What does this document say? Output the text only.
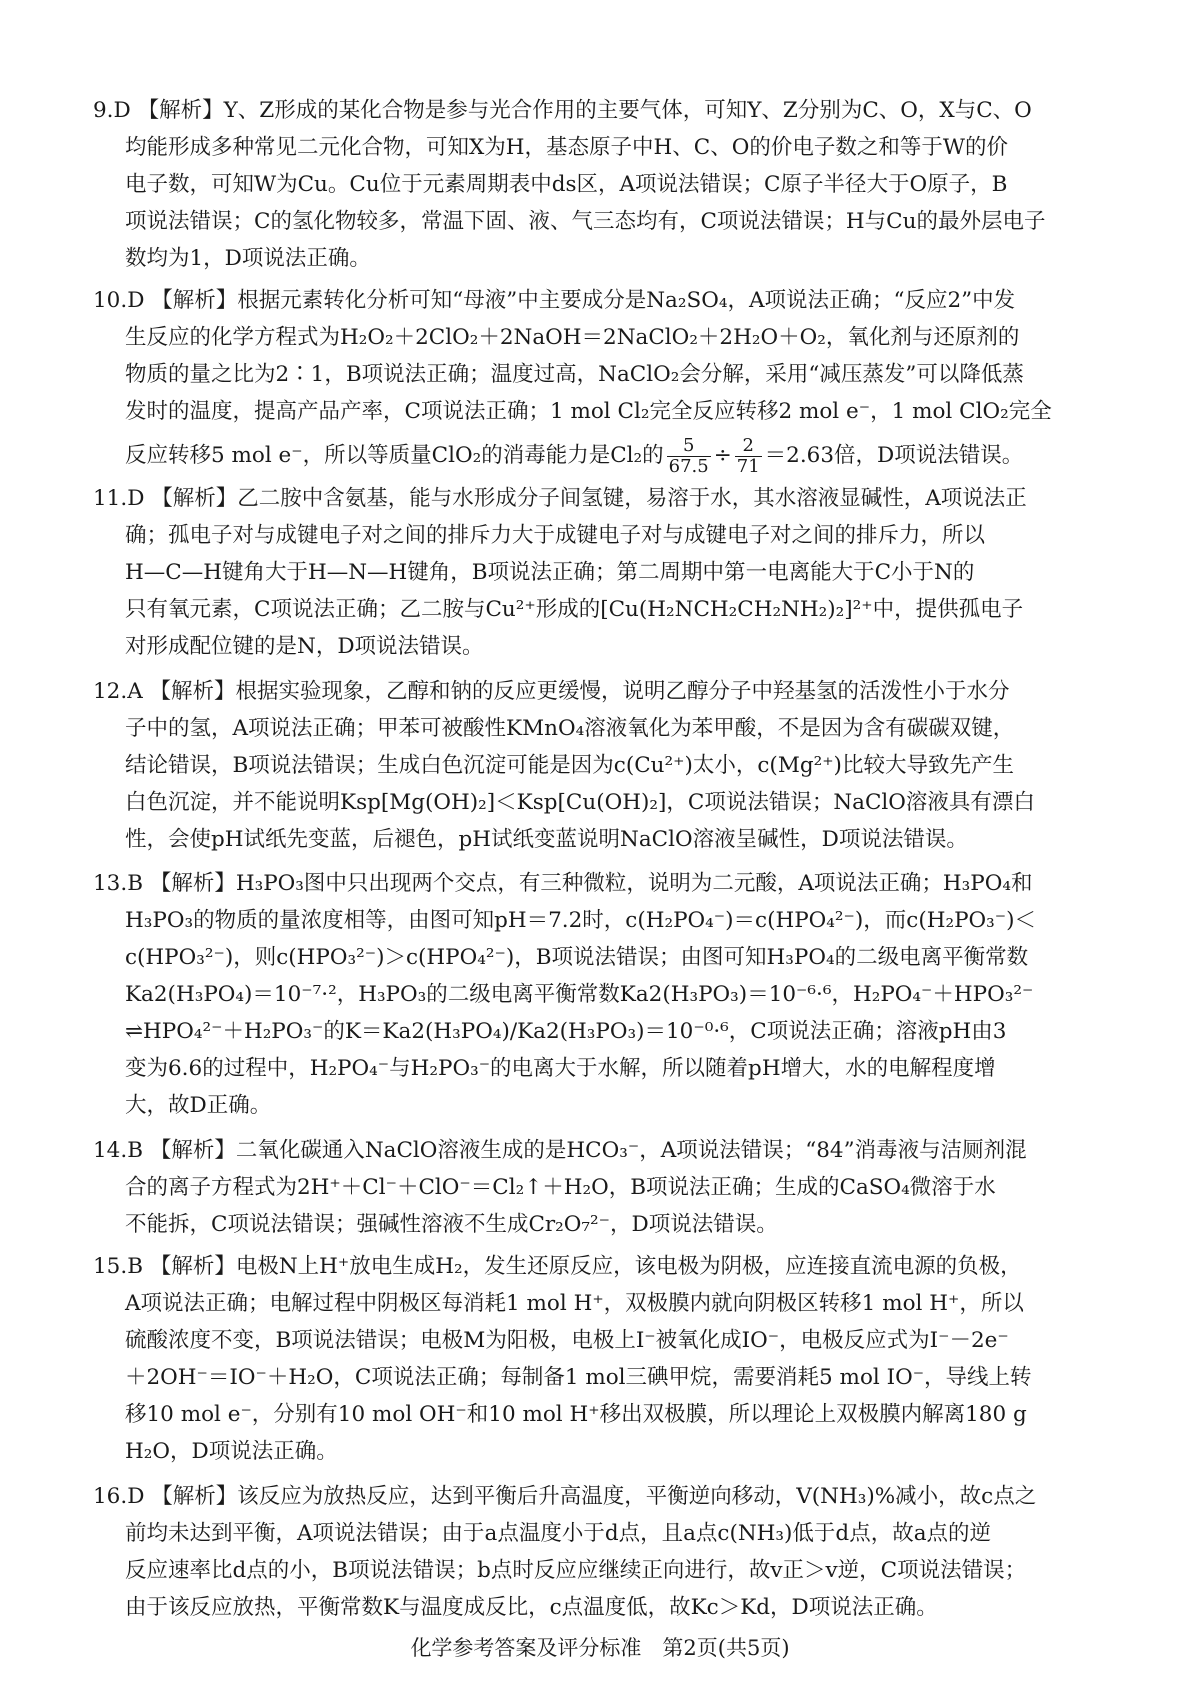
9.D 【解析】Y、Z形成的某化合物是参与光合作用的主要气体，可知Y、Z分别为C、O，X与C、O
均能形成多种常见二元化合物，可知X为H，基态原子中H、C、O的价电子数之和等于W的价
电子数，可知W为Cu。Cu位于元素周期表中ds区，A项说法错误；C原子半径大于O原子，B
项说法错误；C的氢化物较多，常温下固、液、气三态均有，C项说法错误；H与Cu的最外层电子
数均为1，D项说法正确。
10.D 【解析】根据元素转化分析可知“母液”中主要成分是Na₂SO₄，A项说法正确；“反应2”中发
生反应的化学方程式为H₂O₂＋2ClO₂＋2NaOH＝2NaClO₂＋2H₂O＋O₂，氧化剂与还原剂的
物质的量之比为2∶1，B项说法正确；温度过高，NaClO₂会分解，采用“减压蒸发”可以降低蒸
发时的温度，提高产品产率，C项说法正确；1 mol Cl₂完全反应转移2 mol e⁻，1 mol ClO₂完全
反应转移5 mol e⁻，所以等质量ClO₂的消毒能力是Cl₂的 $\frac{5}{67.5} \div \frac{2}{71} =2.63$倍，D项说法错误。
11.D 【解析】乙二胺中含氨基，能与水形成分子间氢键，易溶于水，其水溶液显碱性，A项说法正
确；孤电子对与成键电子对之间的排斥力大于成键电子对与成键电子对之间的排斥力，所以
H—C—H键角大于H—N—H键角，B项说法正确；第二周期中第一电离能大于C小于N的
只有氧元素，C项说法正确；乙二胺与Cu²⁺形成的[Cu(H₂NCH₂CH₂NH₂)₂]²⁺中，提供孤电子
对形成配位键的是N，D项说法错误。
12.A 【解析】根据实验现象，乙醇和钠的反应更缓慢，说明乙醇分子中羟基氢的活泼性小于水分
子中的氢，A项说法正确；甲苯可被酸性KMnO₄溶液氧化为苯甲酸，不是因为含有碳碳双键，
结论错误，B项说法错误；生成白色沉淀可能是因为c(Cu²⁺)太小，c(Mg²⁺)比较大导致先产生
白色沉淀，并不能说明Ksp[Mg(OH)₂]＜Ksp[Cu(OH)₂]，C项说法错误；NaClO溶液具有漂白
性，会使pH试纸先变蓝，后褪色，pH试纸变蓝说明NaClO溶液呈碱性，D项说法错误。
13.B 【解析】H₃PO₃图中只出现两个交点，有三种微粒，说明为二元酸，A项说法正确；H₃PO₄和
H₃PO₃的物质的量浓度相等，由图可知pH＝7.2时，c(H₂PO₄⁻)＝c(HPO₄²⁻)，而c(H₂PO₃⁻)＜
c(HPO₃²⁻)，则c(HPO₃²⁻)＞c(HPO₄²⁻)，B项说法错误；由图可知H₃PO₄的二级电离平衡常数
Ka2(H₃PO₄)＝10⁻⁷·²，H₃PO₃的二级电离平衡常数Ka2(H₃PO₃)＝10⁻⁶·⁶，H₂PO₄⁻＋HPO₃²⁻
⇌HPO₄²⁻＋H₂PO₃⁻的K＝Ka2(H₃PO₄)/Ka2(H₃PO₃)＝10⁻⁰·⁶，C项说法正确；溶液pH由3
变为6.6的过程中，H₂PO₄⁻与H₂PO₃⁻的电离大于水解，所以随着pH增大，水的电解程度增
大，故D正确。
14.B 【解析】二氧化碳通入NaClO溶液生成的是HCO₃⁻，A项说法错误；“84”消毒液与洁厕剂混
合的离子方程式为2H⁺＋Cl⁻＋ClO⁻＝Cl₂↑＋H₂O，B项说法正确；生成的CaSO₄微溶于水
不能拆，C项说法错误；强碱性溶液不生成Cr₂O₇²⁻，D项说法错误。
15.B 【解析】电极N上H⁺放电生成H₂，发生还原反应，该电极为阴极，应连接直流电源的负极，
A项说法正确；电解过程中阴极区每消耗1 mol H⁺，双极膜内就向阴极区转移1 mol H⁺，所以
硫酸浓度不变，B项说法错误；电极M为阳极，电极上I⁻被氧化成IO⁻，电极反应式为I⁻－2e⁻
＋2OH⁻＝IO⁻＋H₂O，C项说法正确；每制备1 mol三碘甲烷，需要消耗5 mol IO⁻，导线上转
移10 mol e⁻，分别有10 mol OH⁻和10 mol H⁺移出双极膜，所以理论上双极膜内解离180 g
H₂O，D项说法正确。
16.D 【解析】该反应为放热反应，达到平衡后升高温度，平衡逆向移动，V(NH₃)%减小，故c点之
前均未达到平衡，A项说法错误；由于a点温度小于d点，且a点c(NH₃)低于d点，故a点的逆
反应速率比d点的小，B项说法错误；b点时反应应继续正向进行，故v正＞v逆，C项说法错误；
由于该反应放热，平衡常数K与温度成反比，c点温度低，故Kc＞Kd，D项说法正确。
化学参考答案及评分标准　第2页(共5页)
